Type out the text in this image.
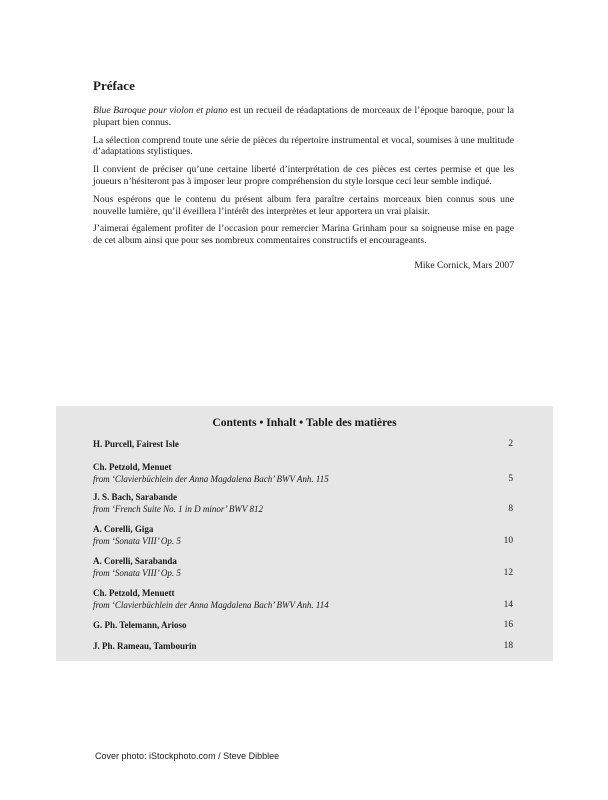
Préface

Blue Baroque pour violon et piano est un recueil de réadaptations de morceaux de l’époque baroque, pour la plupart bien connus.

La sélection comprend toute une série de pièces du répertoire instrumental et vocal, soumises à une multitude d’adaptations stylistiques.

Il convient de préciser qu’une certaine liberté d’interprétation de ces pièces est certes permise et que les joueurs n’hésiteront pas à imposer leur propre compréhension du style lorsque ceci leur semble indiqué.

Nous espérons que le contenu du présent album fera paraître certains morceaux bien connus sous une nouvelle lumière, qu’il éveillera l’intérêt des interprètes et leur apportera un vrai plaisir.

J’aimerai également profiter de l’occasion pour remercier Marina Grinham pour sa soigneuse mise en page de cet album ainsi que pour ses nombreux commentaires constructifs et encourageants.

Mike Cornick, Mars 2007

Contents • Inhalt • Table des matières
2
H. Purcell, Fairest Isle
5
Ch. Petzold, Menuet
from ‘Clavierbüchlein der Anna Magdalena Bach’ BWV Anh. 115
8
J. S. Bach, Sarabande
from ‘French Suite No. 1 in D minor’ BWV 812
10
A. Corelli, Giga
from ‘Sonata VIII’ Op. 5
12
A. Corelli, Sarabanda
from ‘Sonata VIII’ Op. 5
14
Ch. Petzold, Menuett
from ‘Clavierbüchlein der Anna Magdalena Bach’ BWV Anh. 114
16
G. Ph. Telemann, Arioso
18
J. Ph. Rameau, Tambourin
Cover photo: iStockphoto.com / Steve Dibblee
